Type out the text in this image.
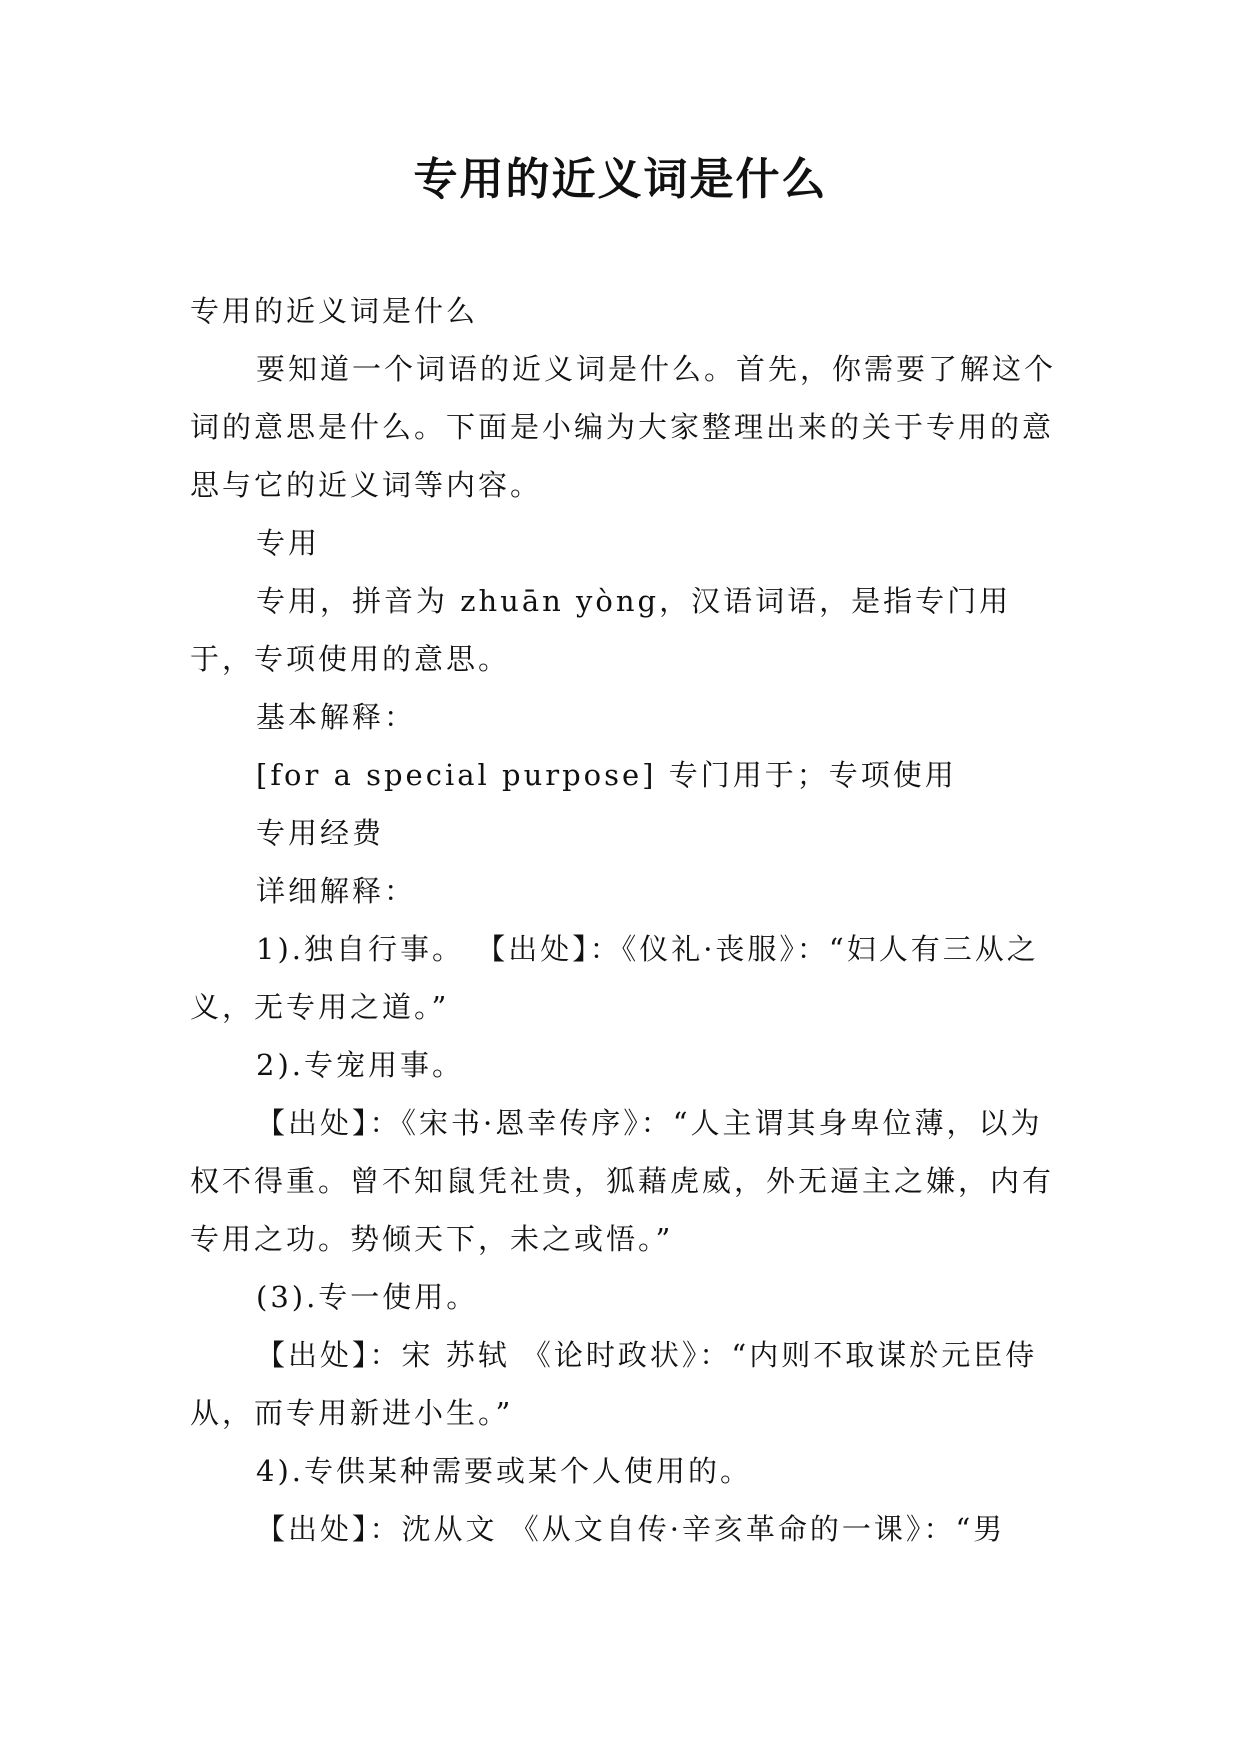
专用的近义词是什么

专用的近义词是什么

要知道一个词语的近义词是什么。首先，你需要了解这个词的意思是什么。下面是小编为大家整理出来的关于专用的意思与它的近义词等内容。

专用

专用，拼音为 zhuān yòng，汉语词语，是指专门用于，专项使用的意思。

基本解释：

[for a special purpose] 专门用于；专项使用

专用经费

详细解释：

1).独自行事。 【出处】：《仪礼·丧服》：“妇人有三从之义，无专用之道。”

2).专宠用事。

【出处】：《宋书·恩幸传序》：“人主谓其身卑位薄，以为权不得重。曾不知鼠凭社贵，狐藉虎威，外无逼主之嫌，内有专用之功。势倾天下，未之或悟。”

(3).专一使用。

【出处】：宋 苏轼 《论时政状》：“内则不取谋於元臣侍从，而专用新进小生。”

4).专供某种需要或某个人使用的。

【出处】：沈从文 《从文自传·辛亥革命的一课》：“男
